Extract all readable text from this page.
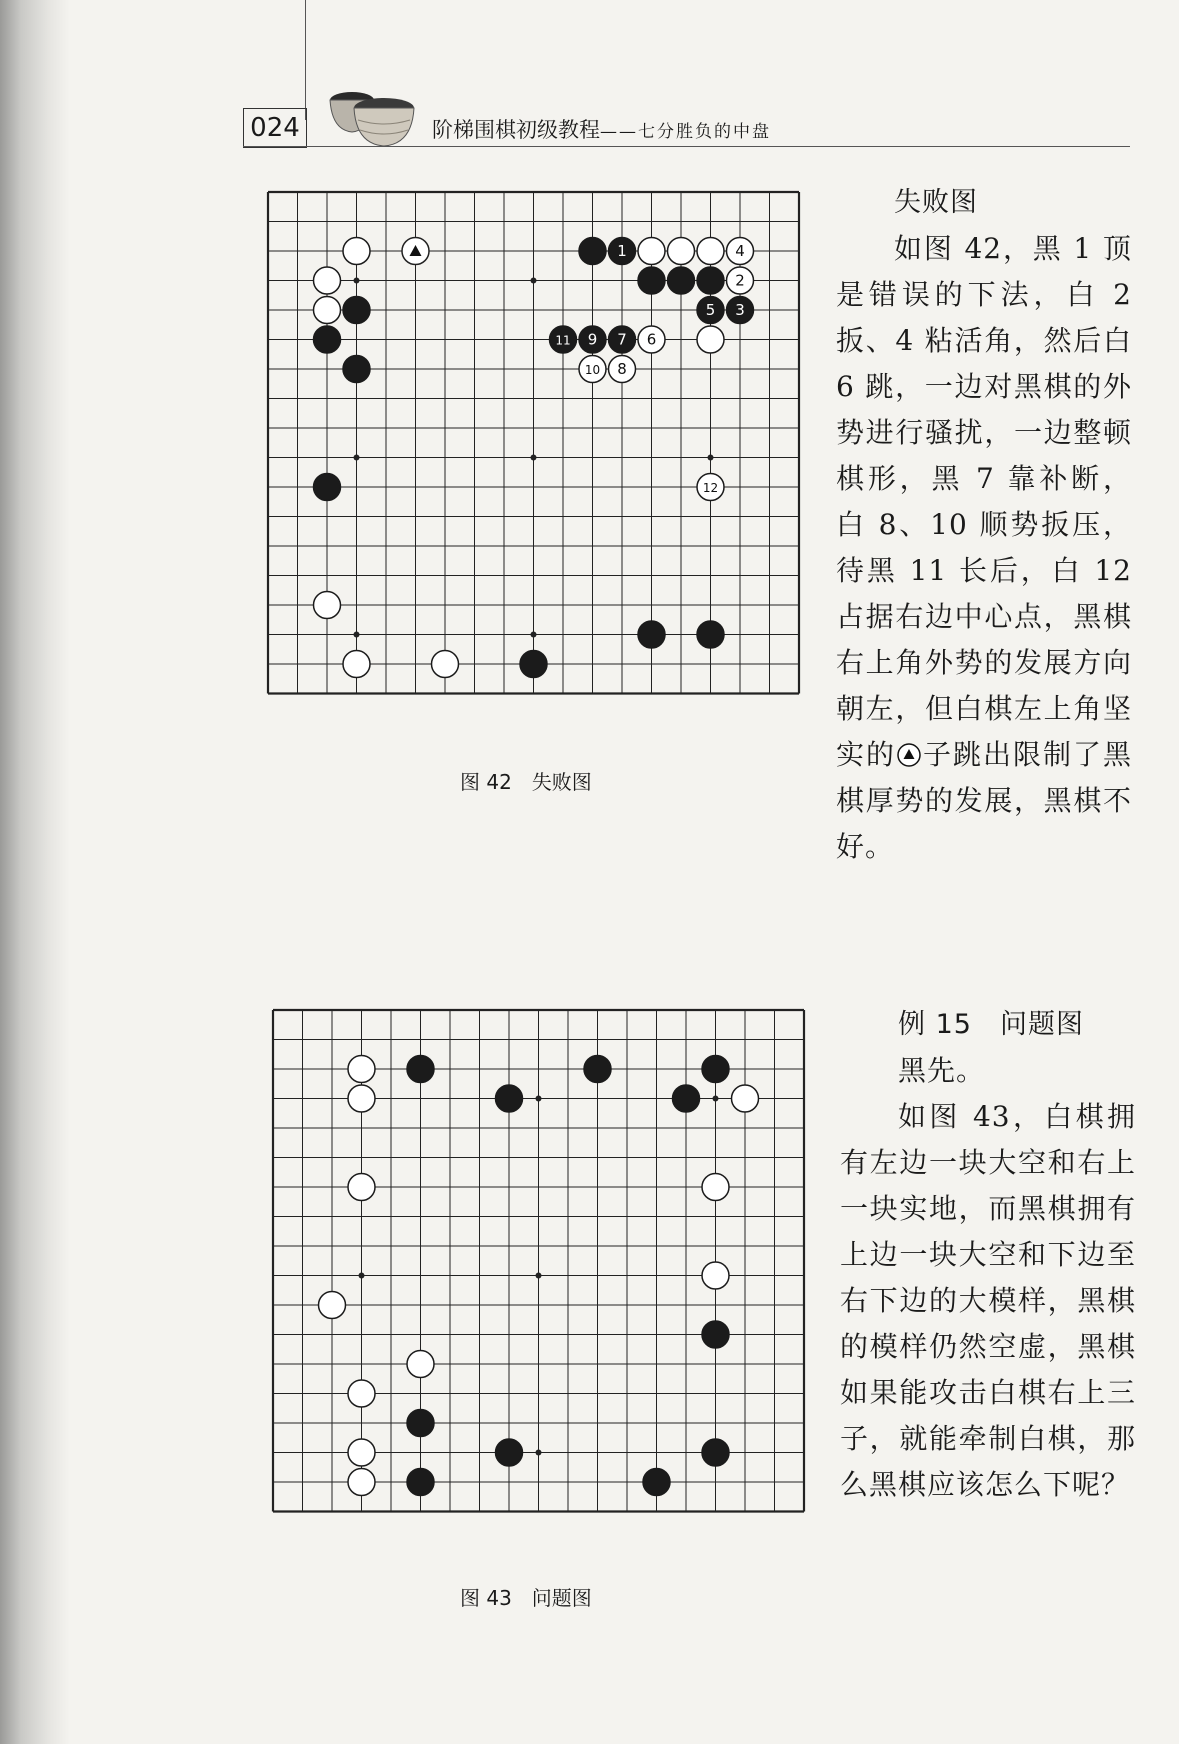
024	阶梯围棋初级教程——七分胜负的中盘
1	4
2
5 3
11 9 7 6
10 8
12
图 42　失败图
图 43　问题图

失败图

如图 42，黑 1 顶是错误的下法，白 2 扳、4 粘活角，然后白 6 跳，一边对黑棋的外势进行骚扰，一边整顿棋形，黑 7 靠补断，白 8、10 顺势扳压，待黑 11 长后，白 12 占据右边中心点，黑棋右上角外势的发展方向朝左，但白棋左上角坚实的 子跳出限制了黑棋厚势的发展，黑棋不好。

例 15　问题图

黑先。

如图 43，白棋拥有左边一块大空和右上一块实地，而黑棋拥有上边一块大空和下边至右下边的大模样，黑棋的模样仍然空虚，黑棋如果能攻击白棋右上三子，就能牵制白棋，那么黑棋应该怎么下呢？
